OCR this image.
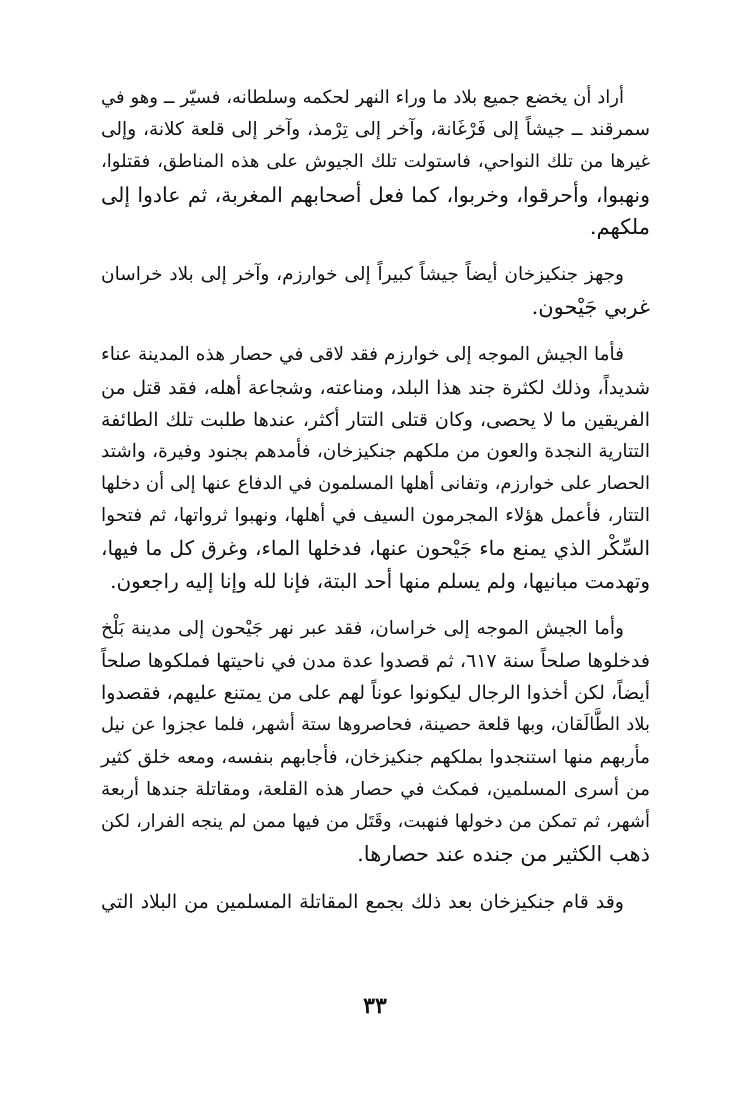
أراد أن يخضع جميع بلاد ما وراء النهر لحكمه وسلطانه، فسيّر ــ وهو في
سمرقند ــ جيشاً إلى فَرْغَانة، وآخر إلى تِرْمذ، وآخر إلى قلعة كلانة، وإلى
غيرها من تلك النواحي، فاستولت تلك الجيوش على هذه المناطق، فقتلوا،
ونهبوا، وأحرقوا، وخربوا، كما فعل أصحابهم المغربة، ثم عادوا إلى
ملكهم.

وجهز جنكيزخان أيضاً جيشاً كبيراً إلى خوارزم، وآخر إلى بلاد خراسان
غربي جَيْحون.

فأما الجيش الموجه إلى خوارزم فقد لاقى في حصار هذه المدينة عناء
شديداً، وذلك لكثرة جند هذا البلد، ومناعته، وشجاعة أهله، فقد قتل من
الفريقين ما لا يحصى، وكان قتلى التتار أكثر، عندها طلبت تلك الطائفة
التتارية النجدة والعون من ملكهم جنكيزخان، فأمدهم بجنود وفيرة، واشتد
الحصار على خوارزم، وتفانى أهلها المسلمون في الدفاع عنها إلى أن دخلها
التتار، فأعمل هؤلاء المجرمون السيف في أهلها، ونهبوا ثرواتها، ثم فتحوا
السِّكْر الذي يمنع ماء جَيْحون عنها، فدخلها الماء، وغرق كل ما فيها،
وتهدمت مبانيها، ولم يسلم منها أحد البتة، فإنا لله وإنا إليه راجعون.

وأما الجيش الموجه إلى خراسان، فقد عبر نهر جَيْحون إلى مدينة بَلْخ
فدخلوها صلحاً سنة ٦١٧، ثم قصدوا عدة مدن في ناحيتها فملكوها صلحاً
أيضاً، لكن أخذوا الرجال ليكونوا عوناً لهم على من يمتنع عليهم، فقصدوا
بلاد الطَّالَقان، وبها قلعة حصينة، فحاصروها ستة أشهر، فلما عجزوا عن نيل
مأربهم منها استنجدوا بملكهم جنكيزخان، فأجابهم بنفسه، ومعه خلق كثير
من أسرى المسلمين، فمكث في حصار هذه القلعة، ومقاتلة جندها أربعة
أشهر، ثم تمكن من دخولها فنهبت، وقَتَل من فيها ممن لم ينجه الفرار، لكن
ذهب الكثير من جنده عند حصارها.

وقد قام جنكيزخان بعد ذلك بجمع المقاتلة المسلمين من البلاد التي

٣٣
